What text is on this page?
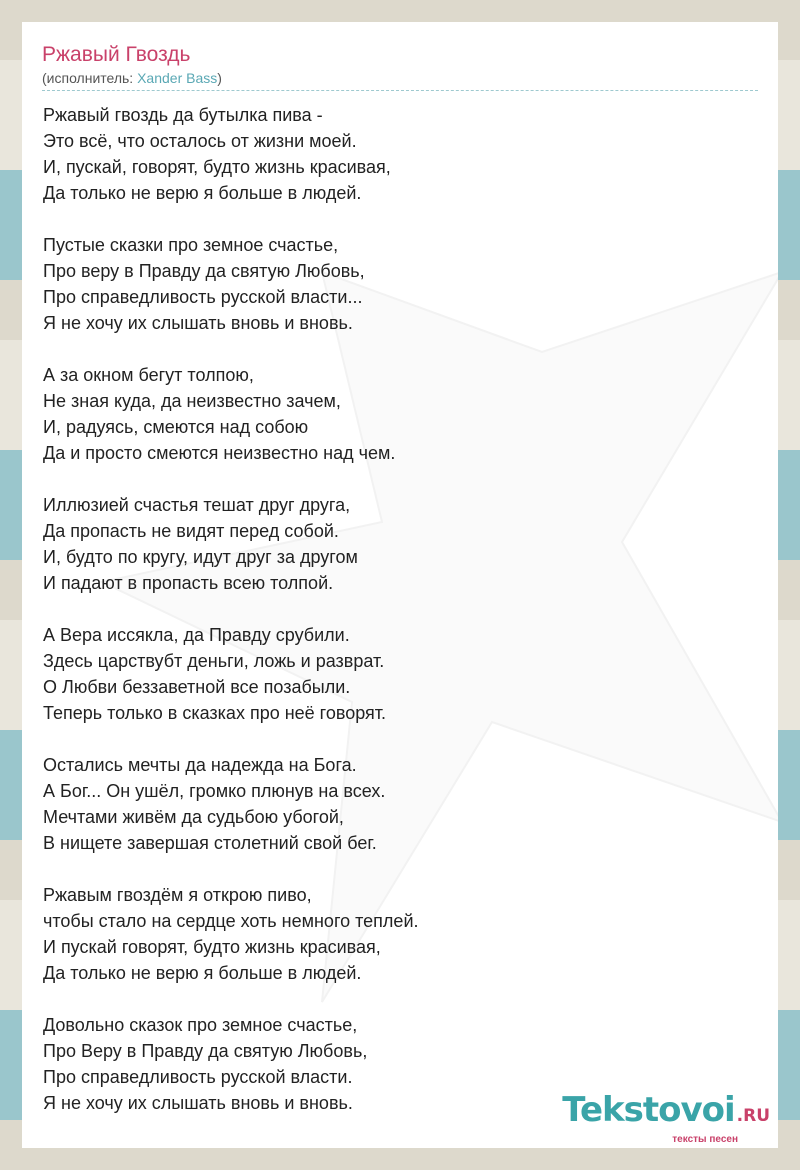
Ржавый Гвоздь
(исполнитель: Xander Bass)
Ржавый гвоздь да бутылка пива -
Это всё, что осталось от жизни моей.
И, пускай, говорят, будто жизнь красивая,
Да только не верю я больше в людей.
Пустые сказки про земное счастье,
Про веру в Правду да святую Любовь,
Про справедливость русской власти...
Я не хочу их слышать вновь и вновь.
А за окном бегут толпою,
Не зная куда, да неизвестно зачем,
И, радуясь, смеются над собою
Да и просто смеются неизвестно над чем.
Иллюзией счастья тешат друг друга,
Да пропасть не видят перед собой.
И, будто по кругу, идут друг за другом
И падают в пропасть всею толпой.
А Вера иссякла, да Правду срубили.
Здесь царствубт деньги, ложь и разврат.
О Любви беззаветной все позабыли.
Теперь только в сказках про неё говорят.
Остались мечты да надежда на Бога.
А Бог... Он ушёл, громко плюнув на всех.
Мечтами живём да судьбою убогой,
В нищете завершая столетний свой бег.
Ржавым гвоздём я открою пиво,
чтобы стало на сердце хоть немного теплей.
И пускай говорят, будто жизнь красивая,
Да только не верю я больше в людей.
Довольно сказок про земное счастье,
Про Веру в Правду да святую Любовь,
Про справедливость русской власти.
Я не хочу их слышать вновь и вновь.	Tekstovoi .RU
тексты песен
